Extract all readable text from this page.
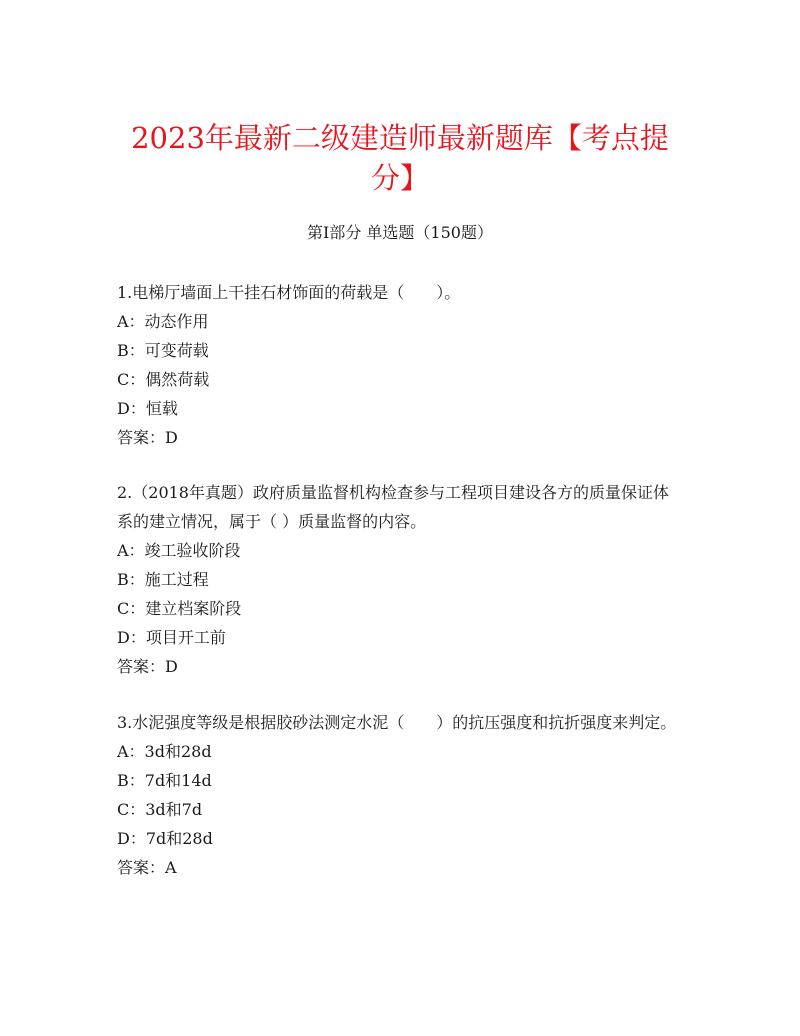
2023年最新二级建造师最新题库【考点提分】
第I部分 单选题（150题）

1.电梯厅墙面上干挂石材饰面的荷载是（　　）。

A：动态作用

B：可变荷载

C：偶然荷载

D：恒载

答案：D

2.（2018年真题）政府质量监督机构检查参与工程项目建设各方的质量保证体系的建立情况，属于（ ）质量监督的内容。

A：竣工验收阶段

B：施工过程

C：建立档案阶段

D：项目开工前

答案：D

3.水泥强度等级是根据胶砂法测定水泥（　　）的抗压强度和抗折强度来判定。

A：3d和28d

B：7d和14d

C：3d和7d

D：7d和28d

答案：A
